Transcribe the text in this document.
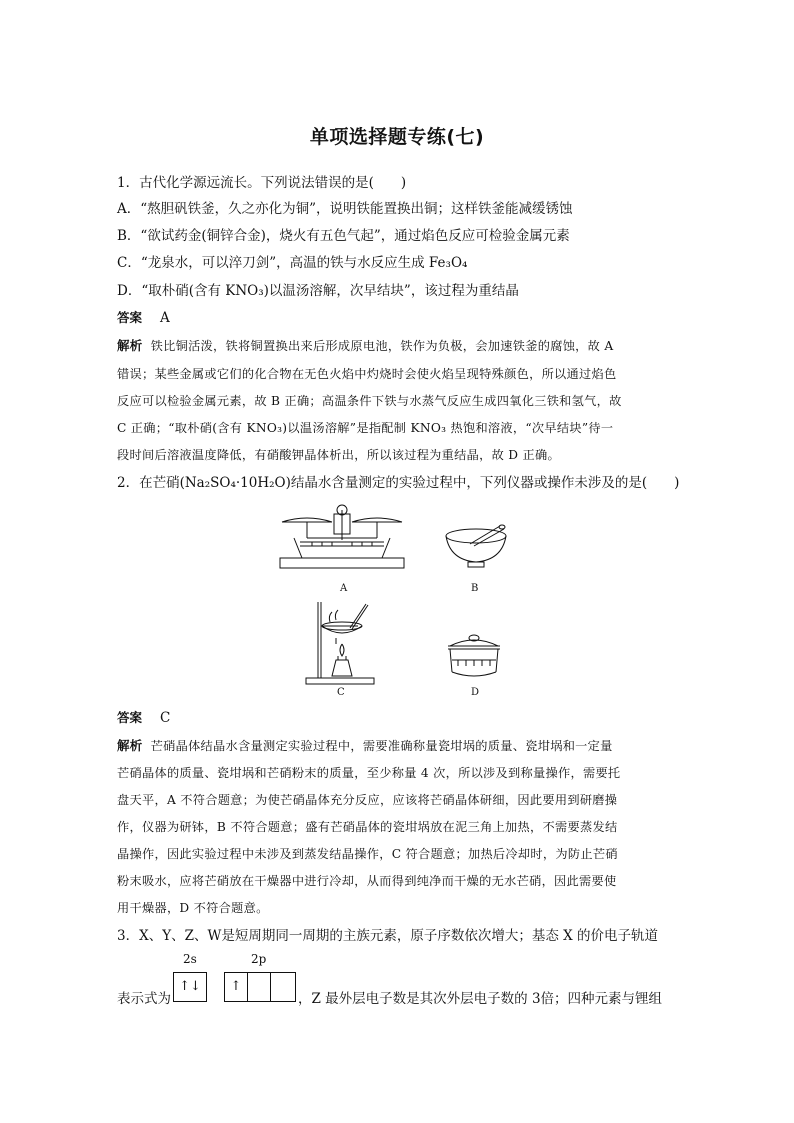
单项选择题专练(七)
1．古代化学源远流长。下列说法错误的是(　　)
A．“熬胆矾铁釜，久之亦化为铜”，说明铁能置换出铜；这样铁釜能减缓锈蚀
B．“欲试药金(铜锌合金)，烧火有五色气起”，通过焰色反应可检验金属元素
C．“龙泉水，可以淬刀剑”，高温的铁与水反应生成 Fe₃O₄
D．“取朴硝(含有 KNO₃)以温汤溶解，次早结块”，该过程为重结晶
答案 A
解析 铁比铜活泼，铁将铜置换出来后形成原电池，铁作为负极，会加速铁釜的腐蚀，故 A
错误；某些金属或它们的化合物在无色火焰中灼烧时会使火焰呈现特殊颜色，所以通过焰色
反应可以检验金属元素，故 B 正确；高温条件下铁与水蒸气反应生成四氧化三铁和氢气，故
C 正确；“取朴硝(含有 KNO₃)以温汤溶解”是指配制 KNO₃ 热饱和溶液，“次早结块”待一
段时间后溶液温度降低，有硝酸钾晶体析出，所以该过程为重结晶，故 D 正确。
2．在芒硝(Na₂SO₄·10H₂O)结晶水含量测定的实验过程中，下列仪器或操作未涉及的是(　　)
A	B
C	D
答案 C
解析 芒硝晶体结晶水含量测定实验过程中，需要准确称量瓷坩埚的质量、瓷坩埚和一定量
芒硝晶体的质量、瓷坩埚和芒硝粉末的质量，至少称量 4 次，所以涉及到称量操作，需要托
盘天平，A 不符合题意；为使芒硝晶体充分反应，应该将芒硝晶体研细，因此要用到研磨操
作，仪器为研钵，B 不符合题意；盛有芒硝晶体的瓷坩埚放在泥三角上加热，不需要蒸发结
晶操作，因此实验过程中未涉及到蒸发结晶操作，C 符合题意；加热后冷却时，为防止芒硝
粉末吸水，应将芒硝放在干燥器中进行冷却，从而得到纯净而干燥的无水芒硝，因此需要使
用干燥器，D 不符合题意。
3．X、Y、Z、W是短周期同一周期的主族元素，原子序数依次增大；基态 X 的价电子轨道
2s	2p
表示式为
↑↓	↑
，Z 最外层电子数是其次外层电子数的 3倍；四种元素与锂组
